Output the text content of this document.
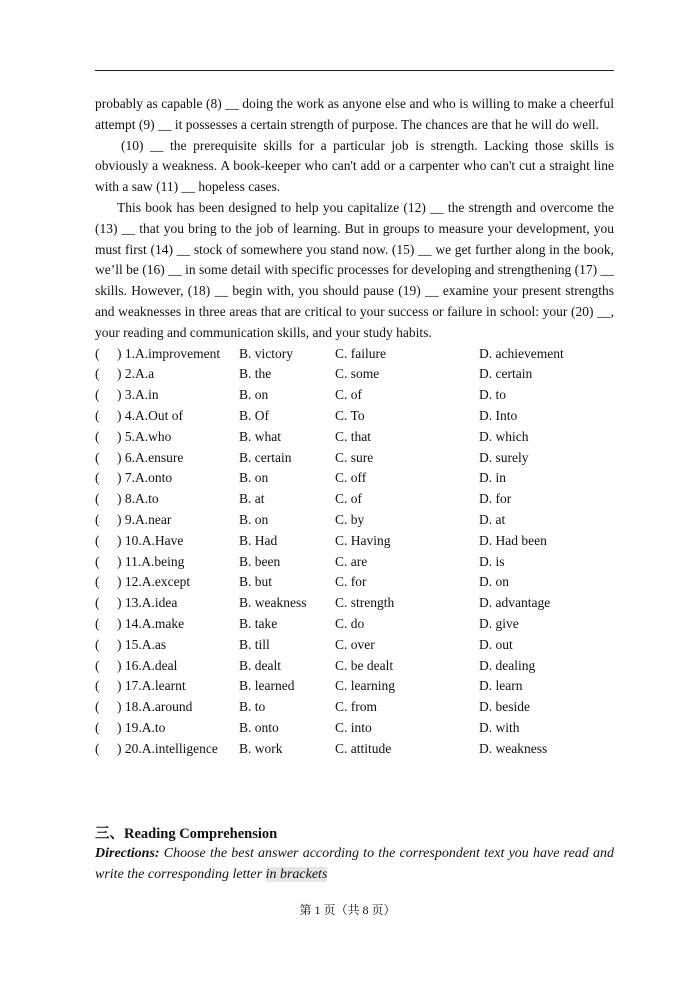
probably as capable (8) __ doing the work as anyone else and who is willing to make a cheerful attempt (9) __ it possesses a certain strength of purpose. The chances are that he will do well.

(10) __ the prerequisite skills for a particular job is strength. Lacking those skills is obviously a weakness. A book-keeper who can't add or a carpenter who can't cut a straight line with a saw (11) __ hopeless cases.

This book has been designed to help you capitalize (12) __ the strength and overcome the (13) __ that you bring to the job of learning. But in groups to measure your development, you must first (14) __ stock of somewhere you stand now. (15) __ we get further along in the book, we’ll be (16) __ in some detail with specific processes for developing and strengthening (17) __ skills. However, (18) __ begin with, you should pause (19) __ examine your present strengths and weaknesses in three areas that are critical to your success or failure in school: your (20) __, your reading and communication skills, and your study habits.

( ) 1.A.improvement B. victory	C. failure	D. achievement
( ) 2.A.a	B. the	C. some	D. certain
( ) 3.A.in	B. on	C. of	D. to
( ) 4.A.Out of	B. Of	C. To	D. Into
( ) 5.A.who	B. what	C. that	D. which
( ) 6.A.ensure	B. certain	C. sure	D. surely
( ) 7.A.onto	B. on	C. off	D. in
( ) 8.A.to	B. at	C. of	D. for
( ) 9.A.near	B. on	C. by	D. at
( ) 10.A.Have	B. Had	C. Having	D. Had been
( ) 11.A.being	B. been	C. are	D. is
( ) 12.A.except	B. but	C. for	D. on
( ) 13.A.idea	B. weakness C. strength	D. advantage
( ) 14.A.make	B. take	C. do	D. give
( ) 15.A.as	B. till	C. over	D. out
( ) 16.A.deal	B. dealt	C. be dealt	D. dealing
( ) 17.A.learnt	B. learned	C. learning	D. learn
( ) 18.A.around	B. to	C. from	D. beside
( ) 19.A.to	B. onto	C. into	D. with
( ) 20.A.intelligence B. work	C. attitude	D. weakness
三、Reading Comprehension
Directions: Choose the best answer according to the correspondent text you have read and write the corresponding letter in brackets
第 1 页（共 8 页）
